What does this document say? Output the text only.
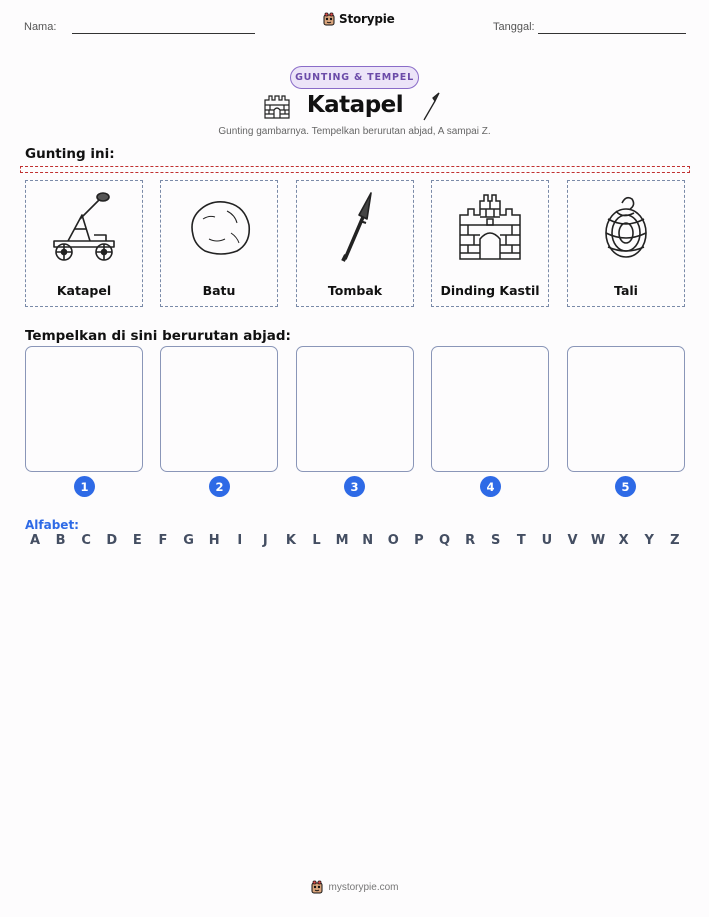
Nama:
Storypie
Tanggal:
GUNTING & TEMPEL
Katapel
Gunting gambarnya. Tempelkan berurutan abjad, A sampai Z.
Gunting ini:
Katapel	Batu	Tombak	Dinding Kastil	Tali
Tempelkan di sini berurutan abjad:
1	2	3	4	5
Alfabet:
A	B	C	D	E	F	G H	I	J	K	L	M N O	P	Q	R	S	T	U	V	W	X	Y	Z
mystorypie.com
